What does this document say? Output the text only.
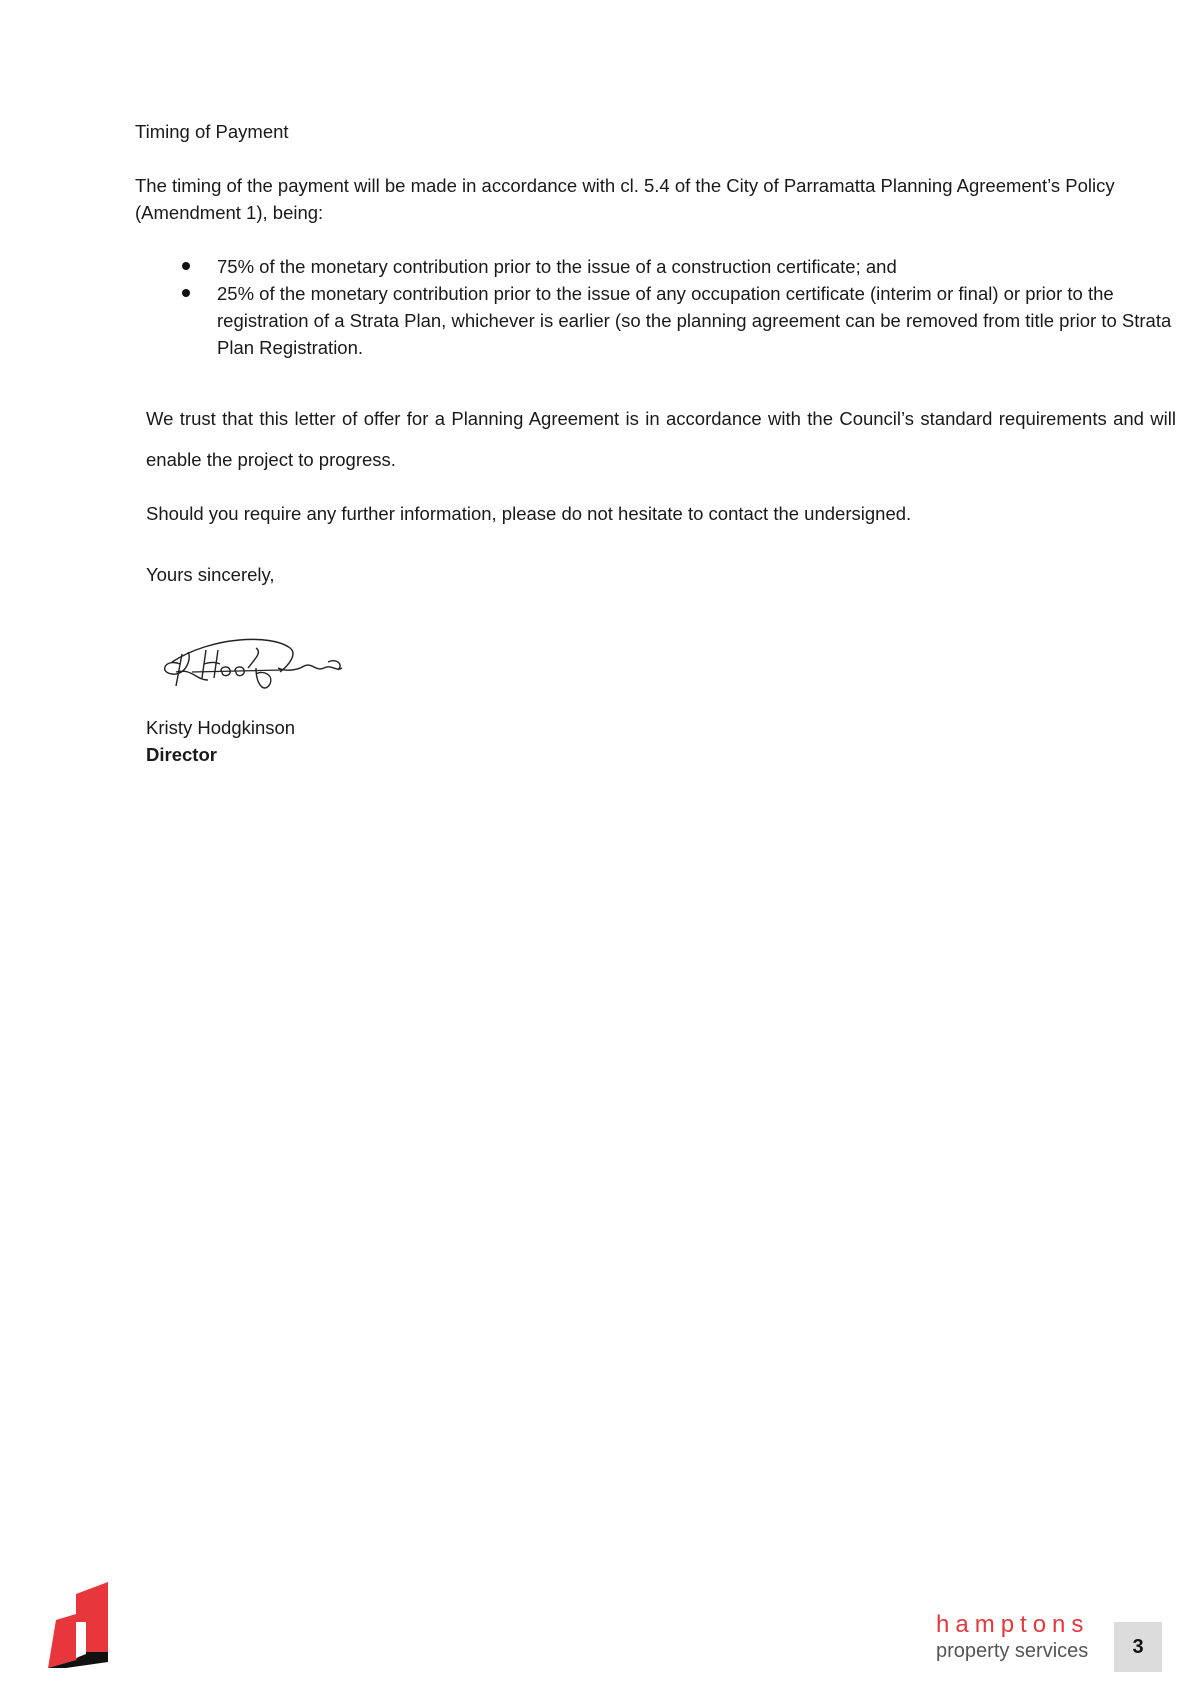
Timing of Payment
The timing of the payment will be made in accordance with cl. 5.4 of the City of Parramatta Planning Agreement’s Policy (Amendment 1), being:
75% of the monetary contribution prior to the issue of a construction certificate; and
25% of the monetary contribution prior to the issue of any occupation certificate (interim or final) or prior to the registration of a Strata Plan, whichever is earlier (so the planning agreement can be removed from title prior to Strata Plan Registration.
We trust that this letter of offer for a Planning Agreement is in accordance with the Council’s standard requirements and will enable the project to progress.
Should you require any further information, please do not hesitate to contact the undersigned.
Yours sincerely,
Kristy Hodgkinson
Director
hamptons
property services	3
